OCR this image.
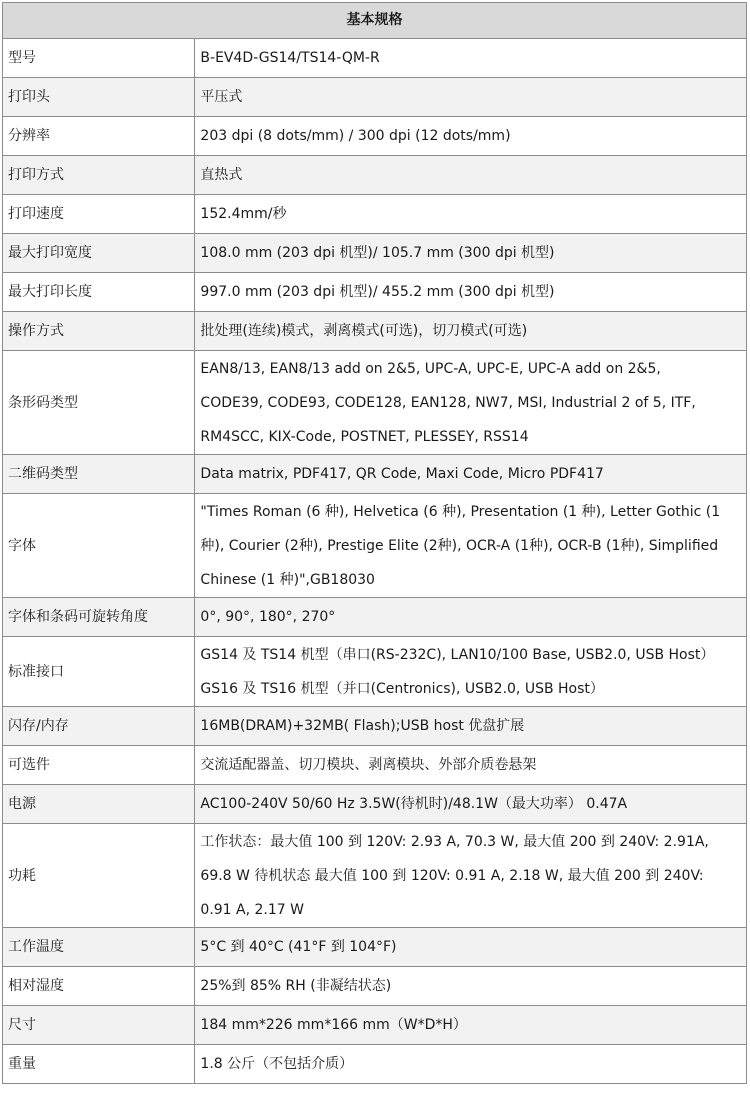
基本规格	
型号	B-EV4D-GS14/TS14-QM-R

打印头	平压式

分辨率	203 dpi (8 dots/mm) / 300 dpi (12 dots/mm)

打印方式	直热式

打印速度	152.4mm/秒

最大打印宽度	108.0 mm (203 dpi 机型)/ 105.7 mm (300 dpi 机型)

最大打印长度	997.0 mm (203 dpi 机型)/ 455.2 mm (300 dpi 机型)

操作方式	批处理(连续)模式，剥离模式(可选)，切刀模式(可选)

条形码类型	EAN8/13, EAN8/13 add on 2&5, UPC-A, UPC-E, UPC-A add on 2&5,
CODE39, CODE93, CODE128, EAN128, NW7, MSI, Industrial 2 of 5, ITF,
RM4SCC, KIX-Code, POSTNET, PLESSEY, RSS14

二维码类型	Data matrix, PDF417, QR Code, Maxi Code, Micro PDF417

字体	"Times Roman (6 种), Helvetica (6 种), Presentation (1 种), Letter Gothic (1
种), Courier (2种), Prestige Elite (2种), OCR-A (1种), OCR-B (1种), Simplified
Chinese (1 种)",GB18030

字体和条码可旋转角度	0°, 90°, 180°, 270°

标准接口	GS14 及 TS14 机型（串口(RS-232C), LAN10/100 Base, USB2.0, USB Host）
GS16 及 TS16 机型（并口(Centronics), USB2.0, USB Host）

闪存/内存	16MB(DRAM)+32MB( Flash);USB host 优盘扩展

可选件	交流适配器盖、切刀模块、剥离模块、外部介质卷悬架

电源	AC100-240V 50/60 Hz 3.5W(待机时)/48.1W（最大功率） 0.47A

功耗	工作状态：最大值 100 到 120V: 2.93 A, 70.3 W, 最大值 200 到 240V: 2.91A,
69.8 W 待机状态 最大值 100 到 120V: 0.91 A, 2.18 W, 最大值 200 到 240V:
0.91 A, 2.17 W

工作温度	5°C 到 40°C (41°F 到 104°F)

相对湿度	25%到 85% RH (非凝结状态)

尺寸	184 mm*226 mm*166 mm（W*D*H）

重量	1.8 公斤（不包括介质）
